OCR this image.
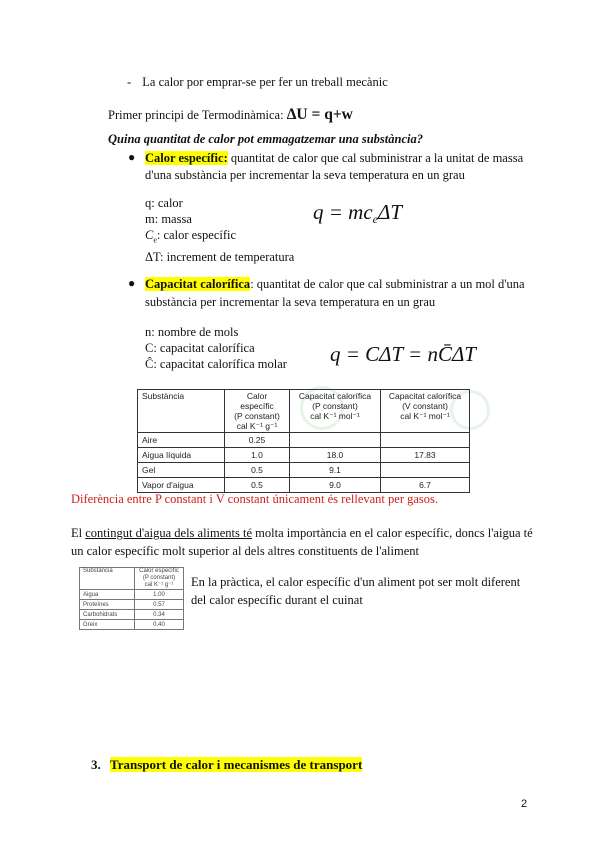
- La calor por emprar-se per fer un treball mecànic
Primer principi de Termodinàmica: ΔU = q+w
Quina quantitat de calor pot emmagatzemar una substància?
● Calor específic: quantitat de calor que cal subministrar a la unitat de massa
d'una substància per incrementar la seva temperatura en un grau
q: calor
m: massa
$C_e$: calor específic
ΔT: increment de temperatura
$q = mc_e\Delta T$
● Capacitat calorífica: quantitat de calor que cal subministrar a un mol d'una
substància per incrementar la seva temperatura en un grau
n: nombre de mols
C: capacitat calorífica
Ĉ: capacitat calorífica molar q = CΔT = nC̄ΔT
Substància	Calor específic
(P constant)
cal K⁻¹ g⁻¹	Capacitat calorífica
(P constant)
cal K⁻¹ mol⁻¹	Capacitat calorífica
(V constant)
cal K⁻¹ mol⁻¹
Aire	0.25		
Aigua líquida	1.0	18.0	17.83
Gel	0.5	9.1	
Vapor d'aigua	0.5	9.0	6.7
Diferència entre P constant i V constant únicament és rellevant per gasos.
El contingut d'aigua dels aliments té molta importància en el calor específic, doncs l'aigua té
un calor específic molt superior al dels altres constituents de l'aliment
Substància	Calor específic
(P constant)
cal K⁻¹ g⁻¹
Aigua	1.00
Proteïnes	0.57
Carbohidrats	0.34
Greix	0.40
En la pràctica, el calor específic d'un aliment pot ser molt diferent
del calor específic durant el cuinat
3. Transport de calor i mecanismes de transport
2
